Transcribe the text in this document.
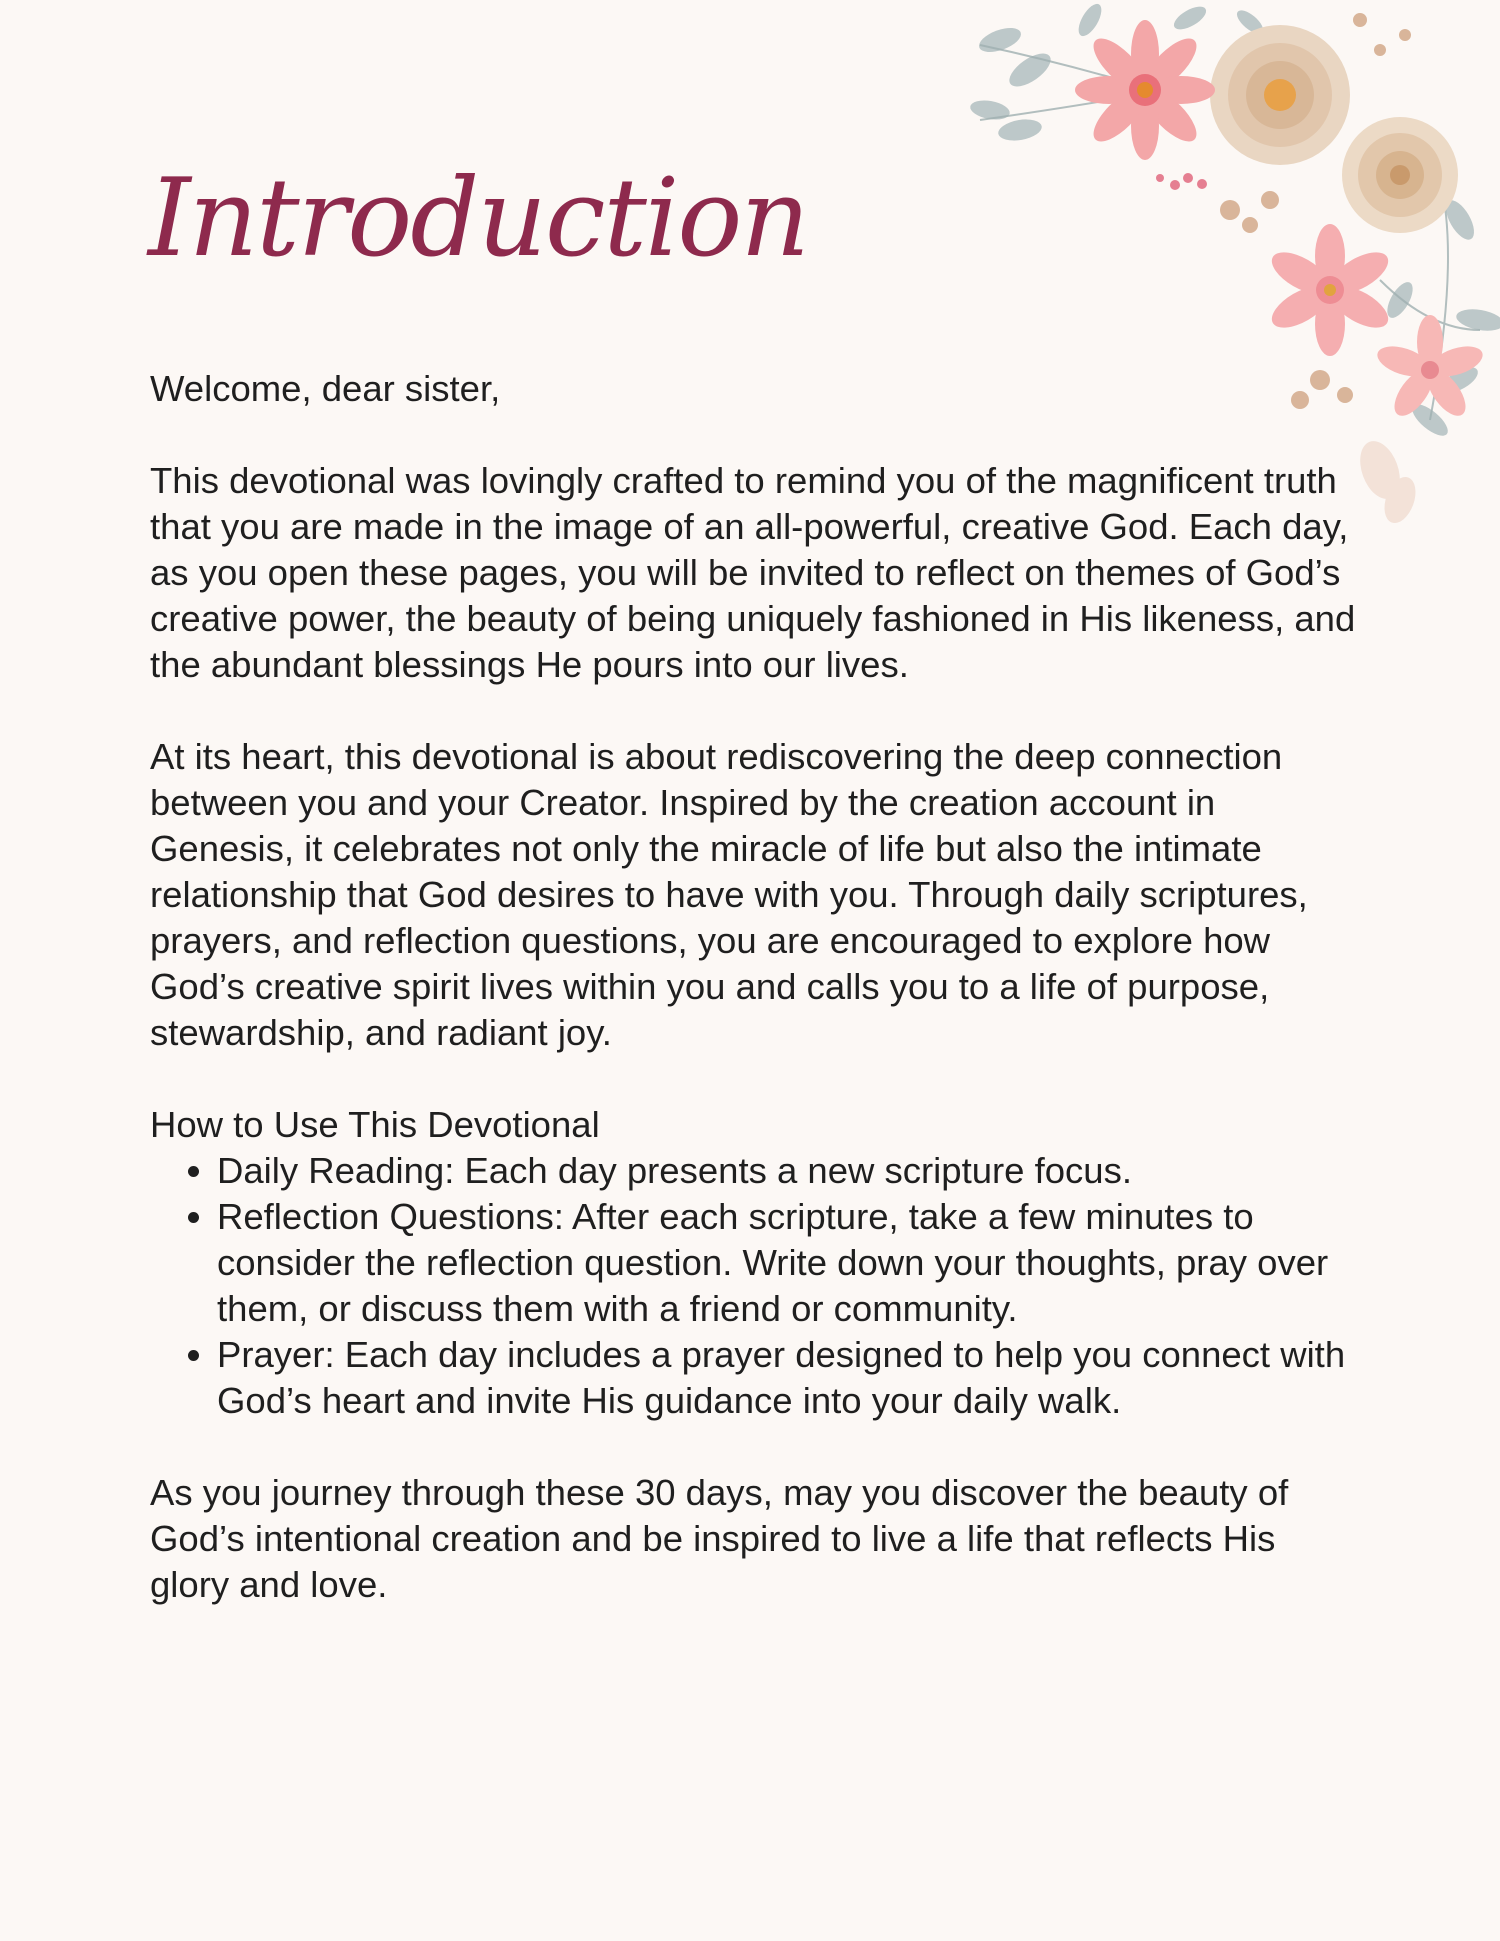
Introduction

Welcome, dear sister,

This devotional was lovingly crafted to remind you of the magnificent truth that you are made in the image of an all-powerful, creative God. Each day, as you open these pages, you will be invited to reflect on themes of God’s creative power, the beauty of being uniquely fashioned in His likeness, and the abundant blessings He pours into our lives.

At its heart, this devotional is about rediscovering the deep connection between you and your Creator. Inspired by the creation account in Genesis, it celebrates not only the miracle of life but also the intimate relationship that God desires to have with you. Through daily scriptures, prayers, and reflection questions, you are encouraged to explore how God’s creative spirit lives within you and calls you to a life of purpose, stewardship, and radiant joy.

How to Use This Devotional

• Daily Reading: Each day presents a new scripture focus.
• Reflection Questions: After each scripture, take a few minutes to consider the reflection question. Write down your thoughts, pray over them, or discuss them with a friend or community.
• Prayer: Each day includes a prayer designed to help you connect with God’s heart and invite His guidance into your daily walk.

As you journey through these 30 days, may you discover the beauty of God’s intentional creation and be inspired to live a life that reflects His glory and love.
